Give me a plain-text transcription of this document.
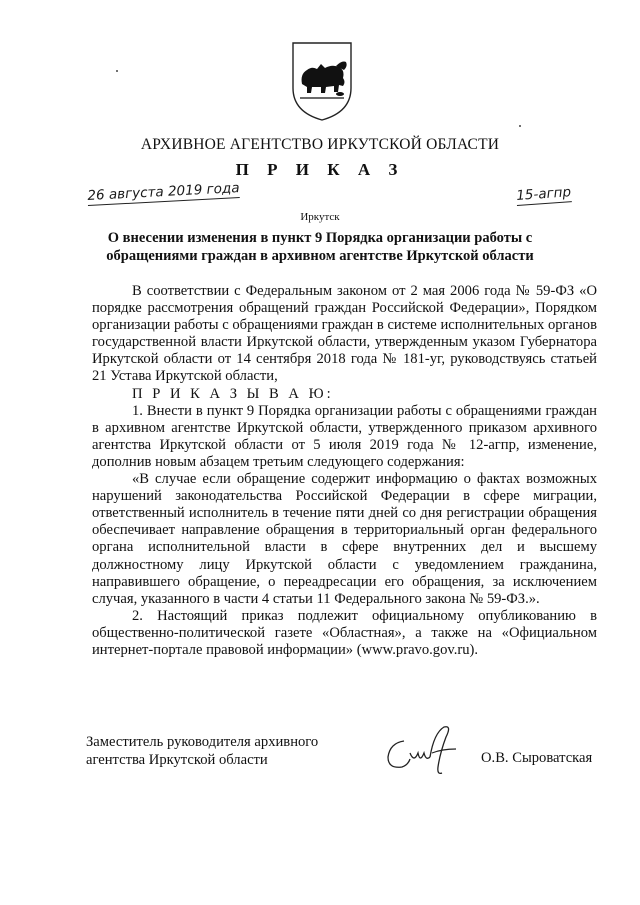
АРХИВНОЕ АГЕНТСТВО ИРКУТСКОЙ ОБЛАСТИ
П Р И К А З
26 августа 2019 года	15-агпр
Иркутск
О внесении изменения в пункт 9 Порядка организации работы с
обращениями граждан в архивном агентстве Иркутской области

В соответствии с Федеральным законом от 2 мая 2006 года № 59-ФЗ «О порядке рассмотрения обращений граждан Российской Федерации», Порядком организации работы с обращениями граждан в системе исполнительных органов государственной власти Иркутской области, утвержденным указом Губернатора Иркутской области от 14 сентября 2018 года № 181-уг, руководствуясь статьей 21 Устава Иркутской области,

П Р И К А З Ы В А Ю:

1. Внести в пункт 9 Порядка организации работы с обращениями граждан в архивном агентстве Иркутской области, утвержденного приказом архивного агентства Иркутской области от 5 июля 2019 года № 12-агпр, изменение, дополнив новым абзацем третьим следующего содержания:

«В случае если обращение содержит информацию о фактах возможных нарушений законодательства Российской Федерации в сфере миграции, ответственный исполнитель в течение пяти дней со дня регистрации обращения обеспечивает направление обращения в территориальный орган федерального органа исполнительной власти в сфере внутренних дел и высшему должностному лицу Иркутской области с уведомлением гражданина, направившего обращение, о переадресации его обращения, за исключением случая, указанного в части 4 статьи 11 Федерального закона № 59-ФЗ.».

2. Настоящий приказ подлежит официальному опубликованию в общественно-политической газете «Областная», а также на «Официальном интернет-портале правовой информации» (www.pravo.gov.ru).

Заместитель руководителя архивного
агентства Иркутской области	О.В. Сыроватская
